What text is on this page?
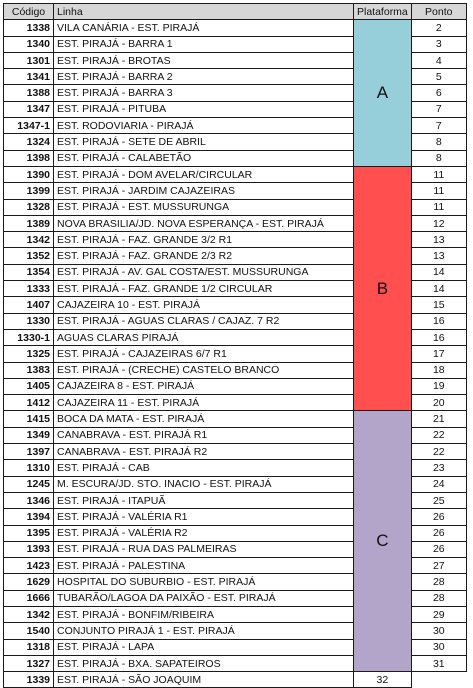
Código	Linha	Plataforma	Ponto
1338	VILA CANÁRIA - EST. PIRAJÁ	A	2
1340	EST. PIRAJÁ - BARRA 1		3
1301	EST. PIRAJÁ - BROTAS		4
1341	EST. PIRAJÁ - BARRA 2		5
1388	EST. PIRAJÁ - BARRA 3		6
1347	EST. PIRAJÁ - PITUBA		7
1347-1	EST. RODOVIARIA - PIRAJÁ		7
1324	EST. PIRAJÁ - SETE DE ABRIL		8
1398	EST. PIRAJÁ - CALABETÃO		8
1390	EST. PIRAJÁ - DOM AVELAR/CIRCULAR	B	11
1399	EST. PIRAJÁ - JARDIM CAJAZEIRAS		11
1328	EST. PIRAJÁ - EST. MUSSURUNGA		11
1389	NOVA BRASILIA/JD. NOVA ESPERANÇA - EST. PIRAJÁ		12
1342	EST. PIRAJÁ - FAZ. GRANDE 3/2 R1		13
1352	EST. PIRAJÁ - FAZ. GRANDE 2/3 R2		13
1354	EST. PIRAJÁ - AV. GAL COSTA/EST. MUSSURUNGA		14
1333	EST. PIRAJÁ - FAZ. GRANDE 1/2 CIRCULAR		14
1407	CAJAZEIRA 10 - EST. PIRAJÁ		15
1330	EST. PIRAJÁ - AGUAS CLARAS / CAJAZ. 7 R2		16
1330-1	AGUAS CLARAS PIRAJÁ		16
1325	EST. PIRAJÁ - CAJAZEIRAS 6/7 R1		17
1383	EST. PIRAJÁ - (CRECHE) CASTELO BRANCO		18
1405	CAJAZEIRA 8 - EST. PIRAJÁ		19
1412	CAJAZEIRA 11 - EST. PIRAJÁ		20
1415	BOCA DA MATA - EST. PIRAJÁ	C	21
1349	CANABRAVA - EST. PIRAJÁ R1		22
1397	CANABRAVA - EST. PIRAJÁ R2		22
1310	EST. PIRAJÁ - CAB		23
1245	M. ESCURA/JD. STO. INACIO - EST. PIRAJÁ		24
1346	EST. PIRAJÁ - ITAPUÃ		25
1394	EST. PIRAJÁ - VALÉRIA R1		26
1395	EST. PIRAJÁ - VALÉRIA R2		26
1393	EST. PIRAJÁ - RUA DAS PALMEIRAS		26
1423	EST. PIRAJÁ - PALESTINA		27
1629	HOSPITAL DO SUBURBIO - EST. PIRAJÁ		28
1666	TUBARÃO/LAGOA DA PAIXÃO - EST. PIRAJÁ		28
1342	EST. PIRAJÁ - BONFIM/RIBEIRA		29
1540	CONJUNTO PIRAJÁ 1 - EST. PIRAJÁ		30
1318	EST. PIRAJÁ - LAPA		30
1327	EST. PIRAJÁ - BXA. SAPATEIROS		31
1339	EST. PIRAJÁ - SÃO JOAQUIM	32	
